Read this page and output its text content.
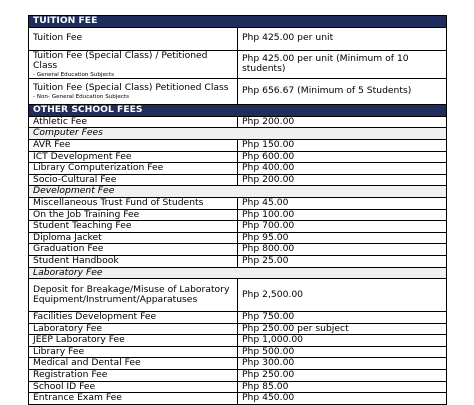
TUITION FEE	
Tuition Fee	Php 425.00 per unit
Tuition Fee (Special Class) / Petitioned Class
- General Education Subjects	Php 425.00 per unit (Minimum of 10 students)
Tuition Fee (Special Class) Petitioned Class
- Non- General Education Subjects	Php 656.67 (Minimum of 5 Students)
OTHER SCHOOL FEES	
Athletic Fee	Php 200.00
Computer Fees	
AVR Fee	Php 150.00
ICT Development Fee	Php 600.00
Library Computerization Fee	Php 400.00
Socio-Cultural Fee	Php 200.00
Development Fee	
Miscellaneous Trust Fund of Students	Php 45.00
On the Job Training Fee	Php 100.00
Student Teaching Fee	Php 700.00
Diploma Jacket	Php 95.00
Graduation Fee	Php 800.00
Student Handbook	Php 25.00
Laboratory Fee	
Deposit for Breakage/Misuse of Laboratory Equipment/Instrument/Apparatuses	Php 2,500.00
Facilities Development Fee	Php 750.00
Laboratory Fee	Php 250.00 per subject
JEEP Laboratory Fee	Php 1,000.00
Library Fee	Php 500.00
Medical and Dental Fee	Php 300.00
Registration Fee	Php 250.00
School ID Fee	Php 85.00
Entrance Exam Fee	Php 450.00
